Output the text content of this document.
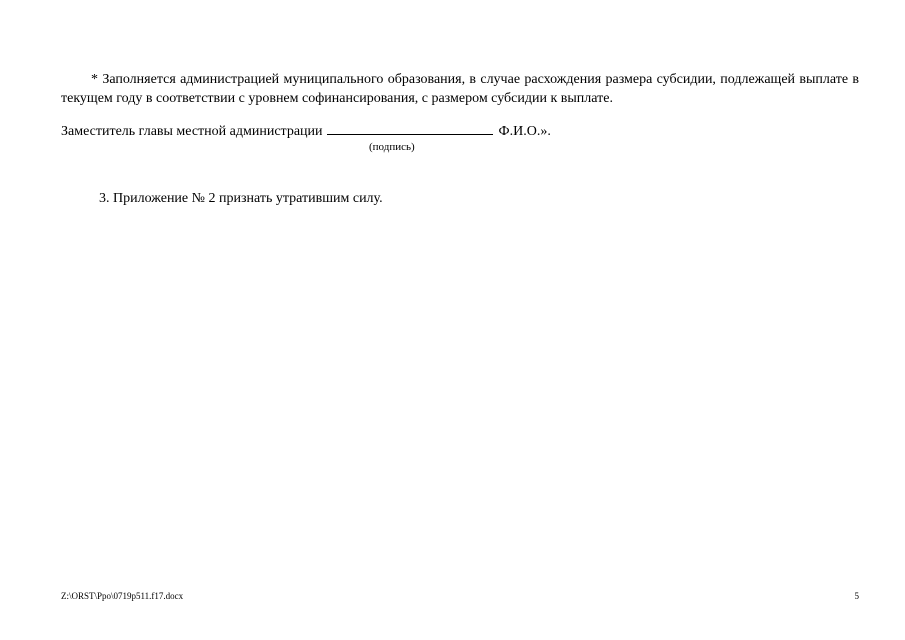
* Заполняется администрацией муниципального образования, в случае расхождения размера субсидии, подлежащей выплате в текущем году в соответствии с уровнем софинансирования, с размером субсидии к выплате.

Заместитель главы местной администрации	Ф.И.О.».

(подпись)

3. Приложение № 2 признать утратившим силу.

Z:\ORST\Ppo\0719p511.f17.docx	5
